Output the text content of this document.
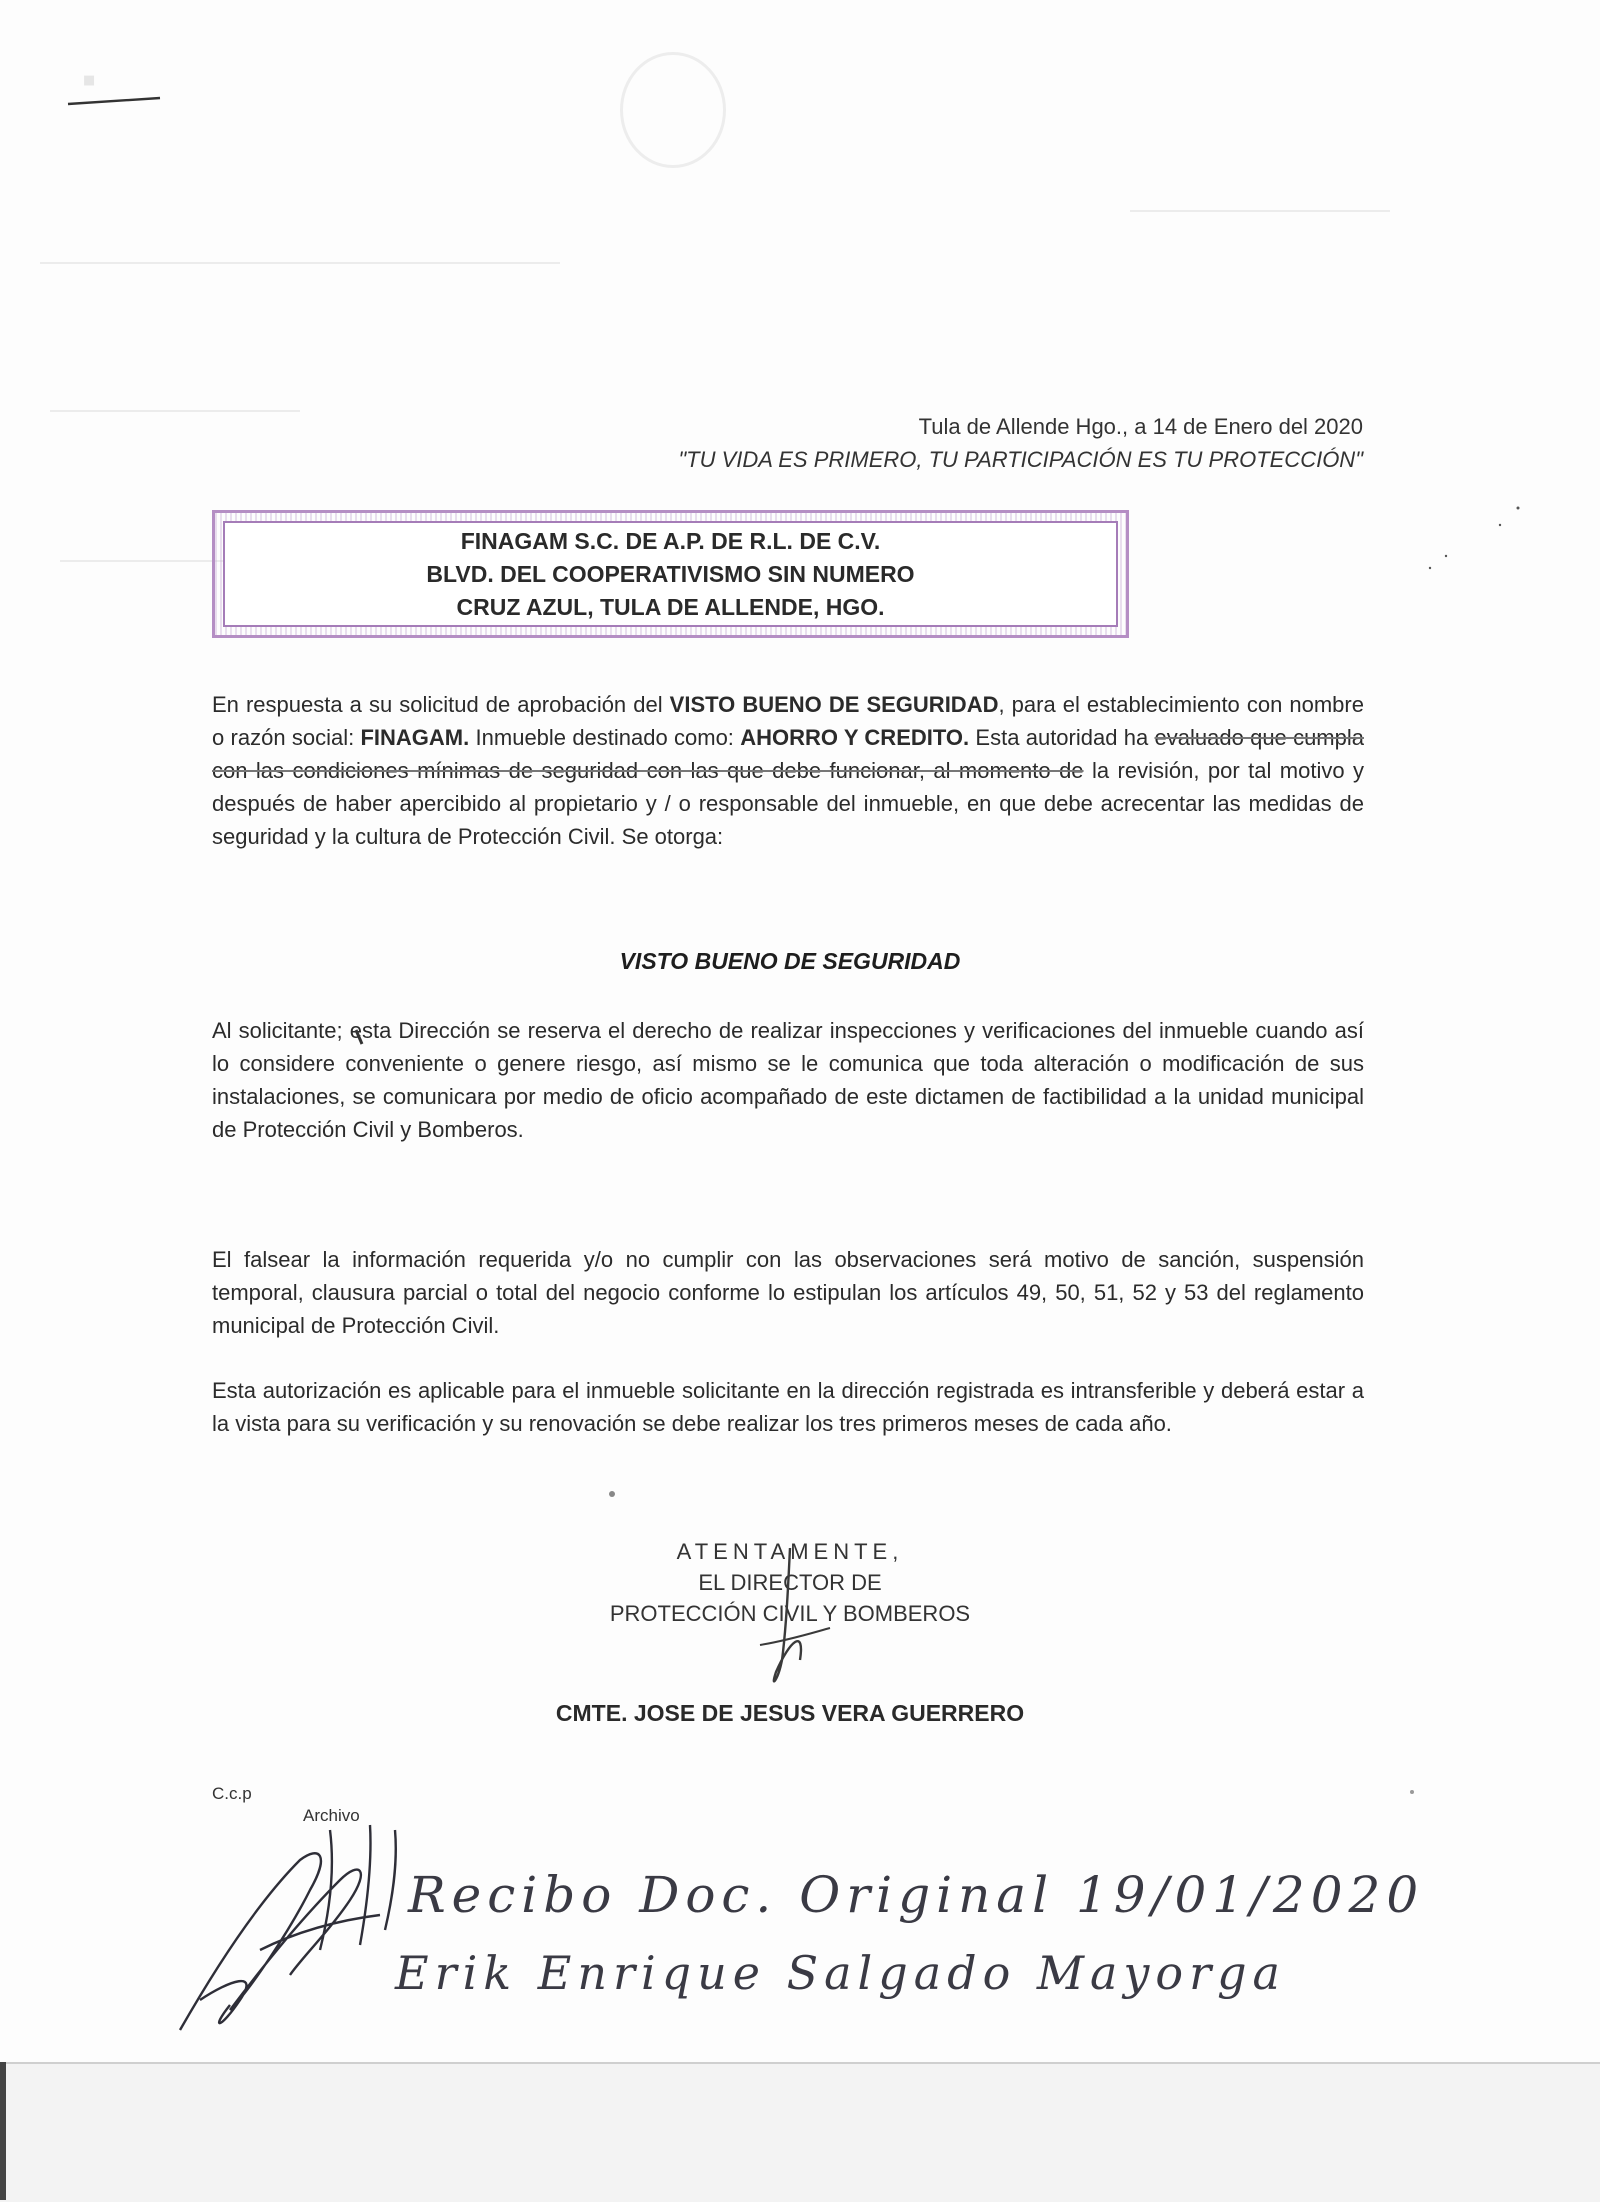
▪
Tula de Allende Hgo., a 14 de Enero del 2020
"TU VIDA ES PRIMERO, TU PARTICIPACIÓN ES TU PROTECCIÓN"
FINAGAM S.C. DE A.P. DE R.L. DE C.V.
BLVD. DEL COOPERATIVISMO SIN NUMERO
CRUZ AZUL, TULA DE ALLENDE, HGO.
En respuesta a su solicitud de aprobación del VISTO BUENO DE SEGURIDAD, para el establecimiento con nombre o razón social: FINAGAM. Inmueble destinado como: AHORRO Y CREDITO. Esta autoridad ha evaluado que cumpla con las condiciones mínimas de seguridad con las que debe funcionar, al momento de la revisión, por tal motivo y después de haber apercibido al propietario y / o responsable del inmueble, en que debe acrecentar las medidas de seguridad y la cultura de Protección Civil. Se otorga:
VISTO BUENO DE SEGURIDAD
Al solicitante; esta Dirección se reserva el derecho de realizar inspecciones y verificaciones del inmueble cuando así lo considere conveniente o genere riesgo, así mismo se le comunica que toda alteración o modificación de sus instalaciones, se comunicara por medio de oficio acompañado de este dictamen de factibilidad a la unidad municipal de Protección Civil y Bomberos.
El falsear la información requerida y/o no cumplir con las observaciones será motivo de sanción, suspensión temporal, clausura parcial o total del negocio conforme lo estipulan los artículos 49, 50, 51, 52 y 53 del reglamento municipal de Protección Civil.
Esta autorización es aplicable para el inmueble solicitante en la dirección registrada es intransferible y deberá estar a la vista para su verificación y su renovación se debe realizar los tres primeros meses de cada año.
ATENTAMENTE,
EL DIRECTOR DE
PROTECCIÓN CIVIL Y BOMBEROS
CMTE. JOSE DE JESUS VERA GUERRERO
C.c.p
Archivo
Recibo Doc. Original 19/01/2020
Erik Enrique Salgado Mayorga
